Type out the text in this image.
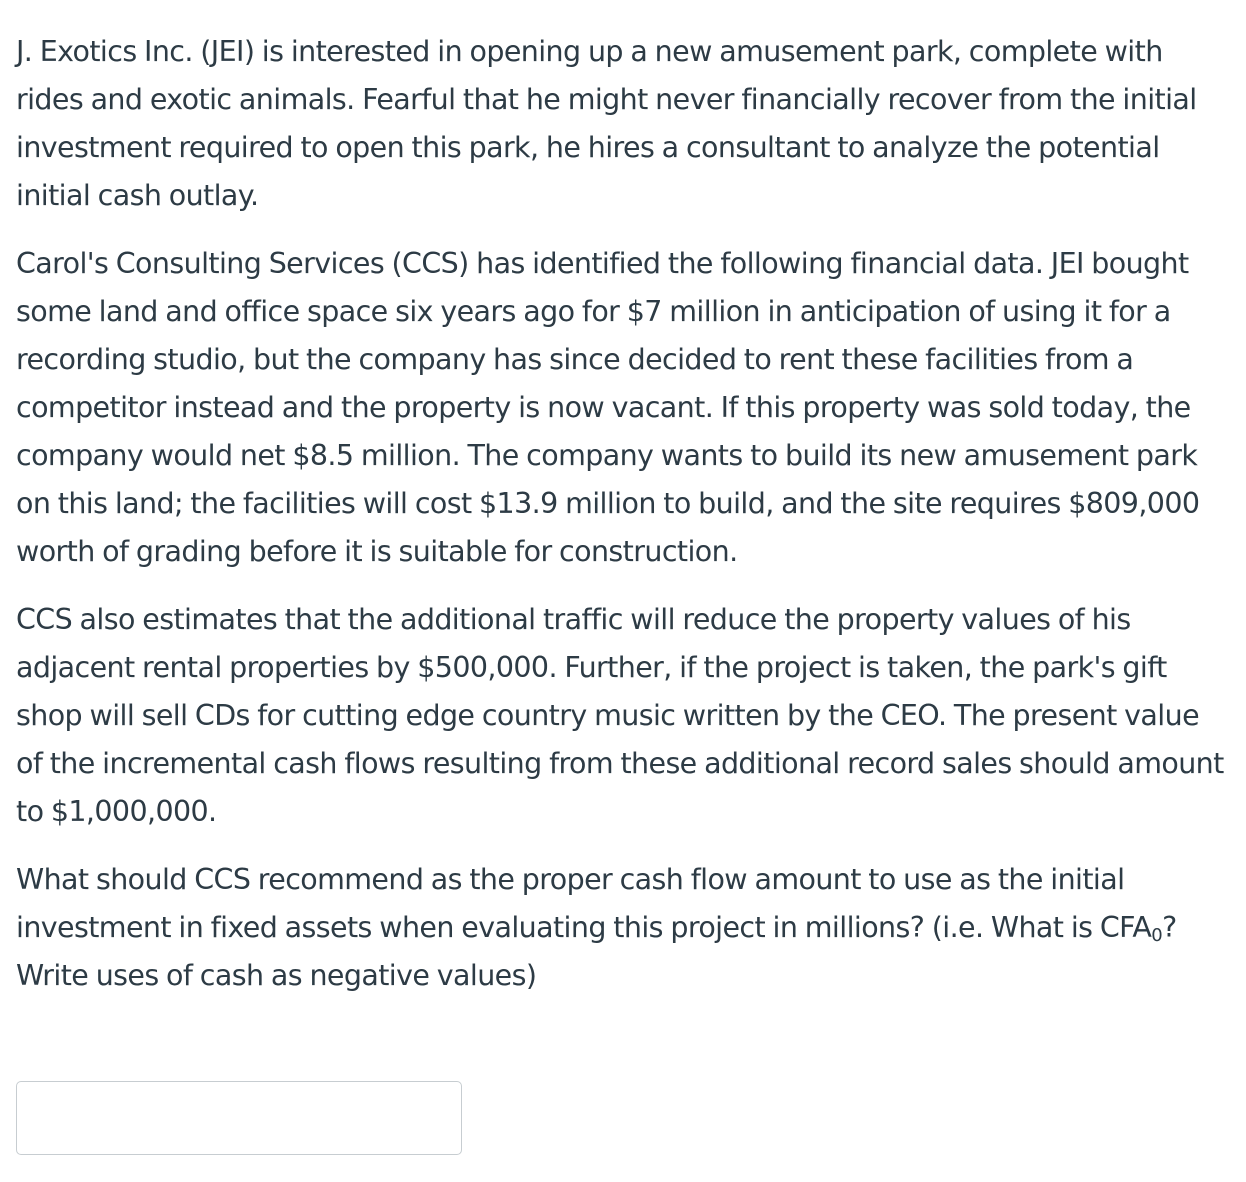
J. Exotics Inc. (JEI) is interested in opening up a new amusement park, complete with rides and exotic animals. Fearful that he might never financially recover from the initial investment required to open this park, he hires a consultant to analyze the potential initial cash outlay.

Carol's Consulting Services (CCS) has identified the following financial data. JEI bought some land and office space six years ago for $7 million in anticipation of using it for a recording studio, but the company has since decided to rent these facilities from a competitor instead and the property is now vacant. If this property was sold today, the company would net $8.5 million. The company wants to build its new amusement park on this land; the facilities will cost $13.9 million to build, and the site requires $809,000 worth of grading before it is suitable for construction.

CCS also estimates that the additional traffic will reduce the property values of his adjacent rental properties by $500,000. Further, if the project is taken, the park's gift shop will sell CDs for cutting edge country music written by the CEO. The present value of the incremental cash flows resulting from these additional record sales should amount to $1,000,000.

What should CCS recommend as the proper cash flow amount to use as the initial investment in fixed assets when evaluating this project in millions? (i.e. What is $CFA_0$? Write uses of cash as negative values)
